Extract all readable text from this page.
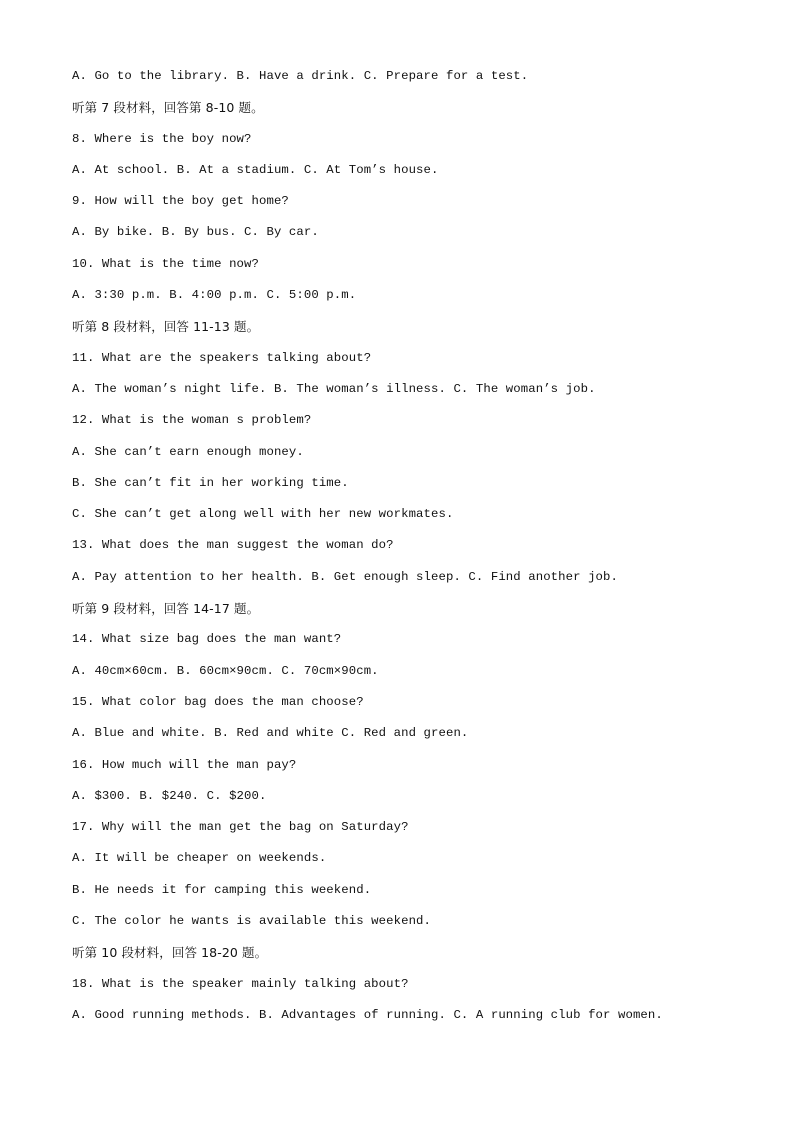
A. Go to the library. B. Have a drink. C. Prepare for a test.
听第 7 段材料，回答第 8-10 题。
8. Where is the boy now?
A. At school. B. At a stadium. C. At Tom’s house.
9. How will the boy get home?
A. By bike. B. By bus. C. By car.
10. What is the time now?
A. 3:30 p.m. B. 4:00 p.m. C. 5:00 p.m.
听第 8 段材料，回答 11-13 题。
11. What are the speakers talking about?
A. The woman’s night life. B. The woman’s illness. C. The woman’s job.
12. What is the woman s problem?
A. She can’t earn enough money.
B. She can’t fit in her working time.
C. She can’t get along well with her new workmates.
13. What does the man suggest the woman do?
A. Pay attention to her health. B. Get enough sleep. C. Find another job.
听第 9 段材料，回答 14-17 题。
14. What size bag does the man want?
A. 40cm×60cm. B. 60cm×90cm. C. 70cm×90cm.
15. What color bag does the man choose?
A. Blue and white. B. Red and white C. Red and green.
16. How much will the man pay?
A. $300. B. $240. C. $200.
17. Why will the man get the bag on Saturday?
A. It will be cheaper on weekends.
B. He needs it for camping this weekend.
C. The color he wants is available this weekend.
听第 10 段材料，回答 18-20 题。
18. What is the speaker mainly talking about?
A. Good running methods. B. Advantages of running. C. A running club for women.
